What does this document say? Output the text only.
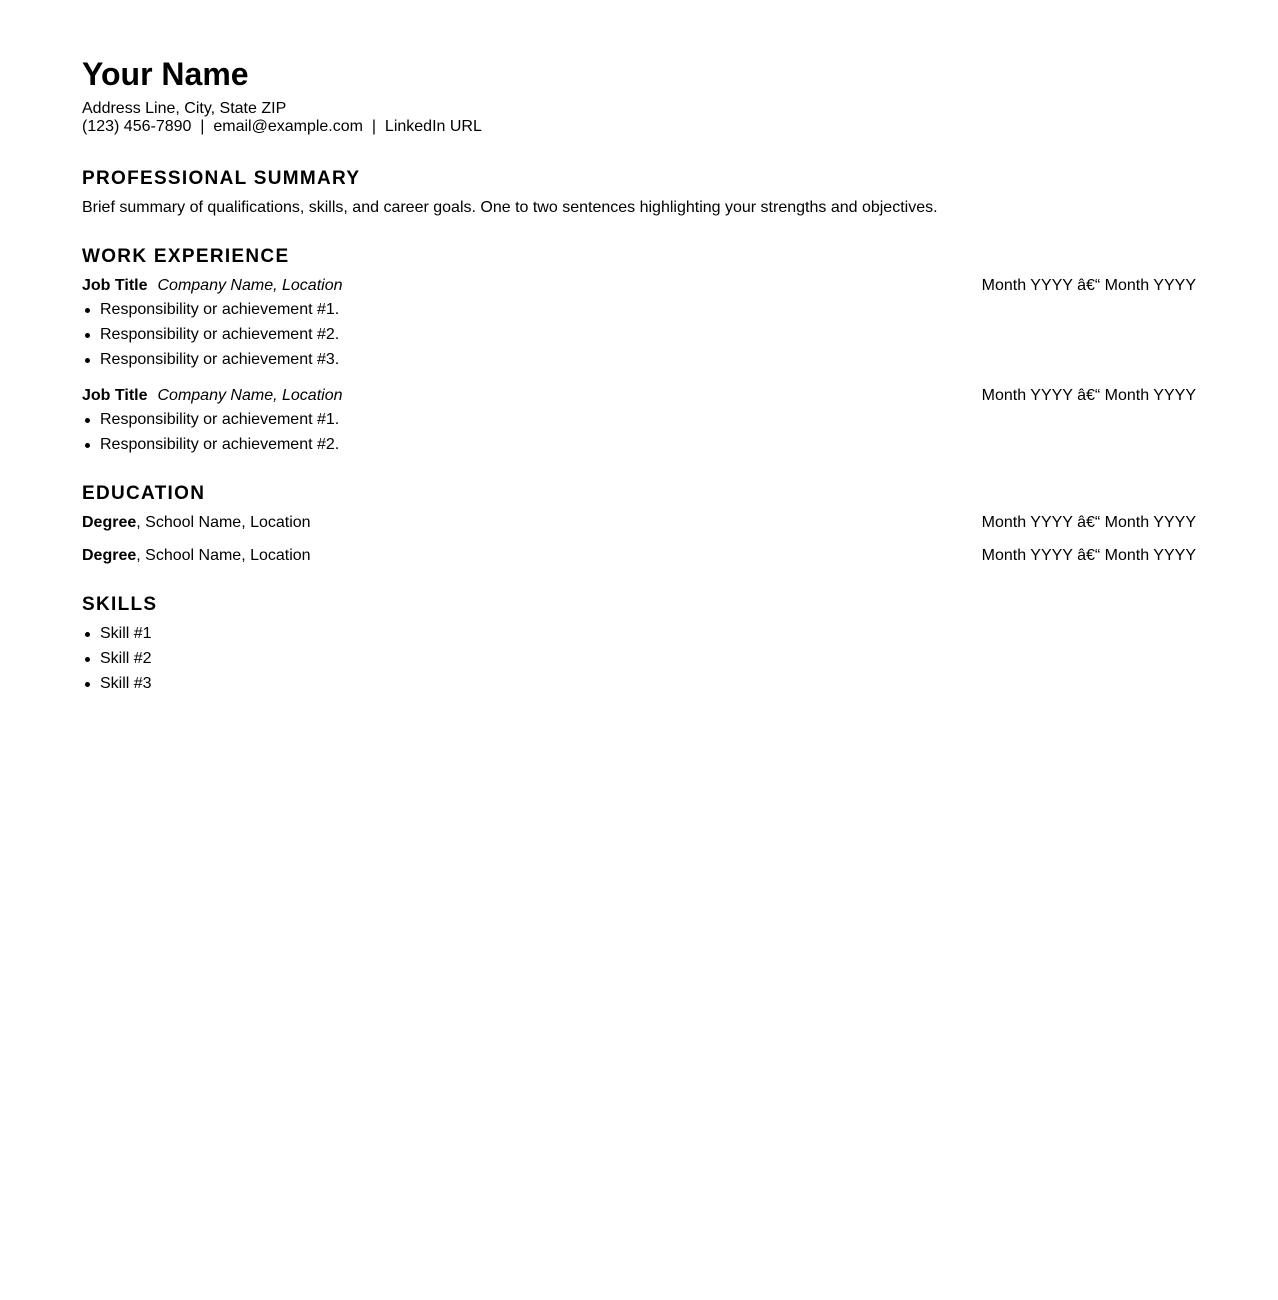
Your Name
Address Line, City, State ZIP
(123) 456-7890  |  email@example.com  |  LinkedIn URL
PROFESSIONAL SUMMARY
Brief summary of qualifications, skills, and career goals. One to two sentences highlighting your strengths and objectives.
WORK EXPERIENCE
Job Title Company Name, Location	Month YYYY â€“ Month YYYY
Responsibility or achievement #1.
Responsibility or achievement #2.
Responsibility or achievement #3.
Job Title Company Name, Location	Month YYYY â€“ Month YYYY
Responsibility or achievement #1.
Responsibility or achievement #2.
EDUCATION
Degree, School Name, Location	Month YYYY â€“ Month YYYY
Degree, School Name, Location	Month YYYY â€“ Month YYYY
SKILLS
Skill #1
Skill #2
Skill #3
